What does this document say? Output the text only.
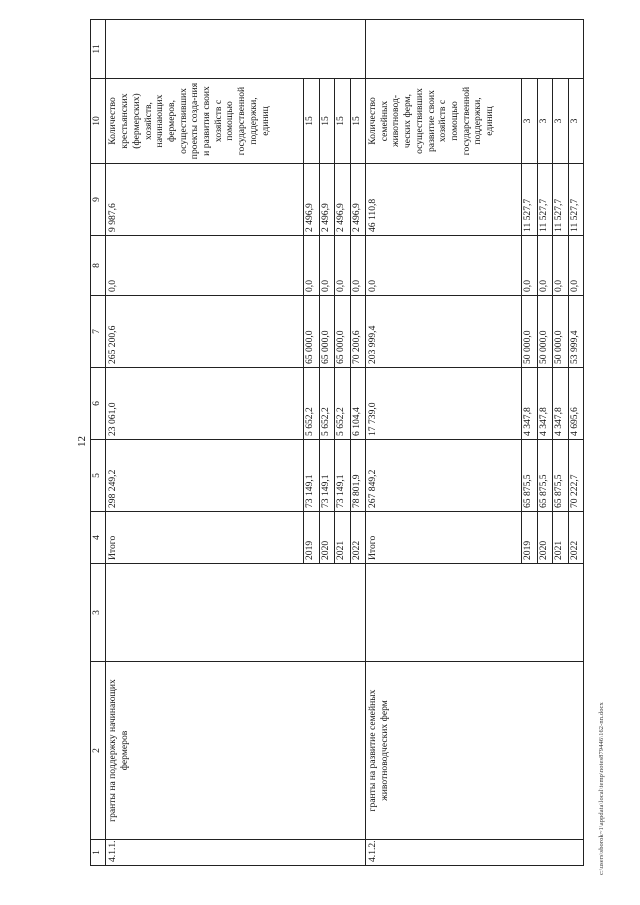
12
c:\users\sborok~1\appdata\local\temp\notes879446\162-nn.docx
1	2	3	4	5	6	7	8	9	10	11
4.1.1.	гранты на поддержку начинающих фермеров		Итого	298 249,2	23 061,0	265 200,6	0,0	9 987,6	Количество крестьянских (фермерских) хозяйств, начинающих фермеров, осуществивших проекты созда-ния и развития своих хозяйств с помощью государственной поддержки, единиц	
			2019	73 149,1	5 652,2	65 000,0	0,0	2 496,9	15	
			2020	73 149,1	5 652,2	65 000,0	0,0	2 496,9	15	
			2021	73 149,1	5 652,2	65 000,0	0,0	2 496,9	15	
			2022	78 801,9	6 104,4	70 200,6	0,0	2 496,9	15	
4.1.2.	гранты на развитие семейных животноводческих ферм		Итого	267 849,2	17 739,0	203 999,4	0,0	46 110,8	Количество семейных животновод-ческих ферм, осуществивших развитие своих хозяйств с помощью государственной поддержки, единиц	
			2019	65 875,5	4 347,8	50 000,0	0,0	11 527,7	3	
			2020	65 875,5	4 347,8	50 000,0	0,0	11 527,7	3	
			2021	65 875,5	4 347,8	50 000,0	0,0	11 527,7	3	
			2022	70 222,7	4 695,6	53 999,4	0,0	11 527,7	3	
